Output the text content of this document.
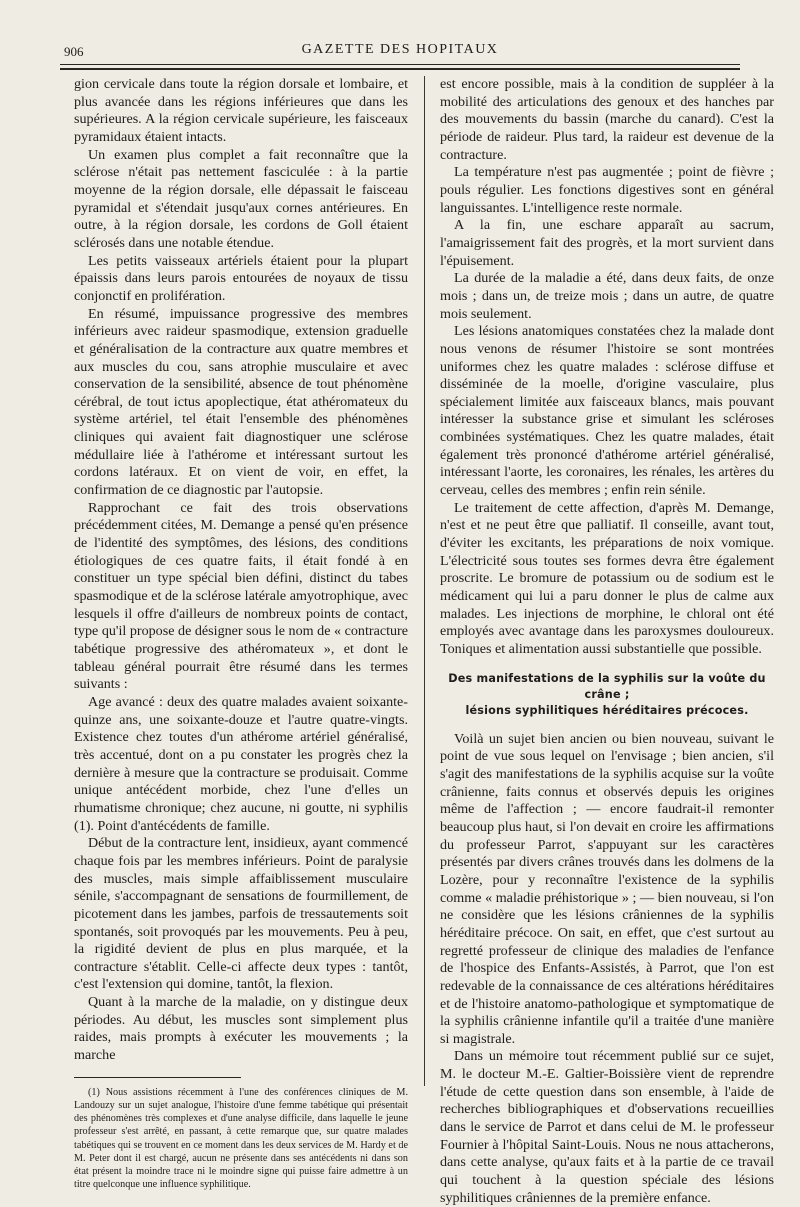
906	GAZETTE DES HOPITAUX

gion cervicale dans toute la région dorsale et lombaire, et plus avancée dans les régions inférieures que dans les supérieures. A la région cervicale supérieure, les faisceaux pyramidaux étaient intacts.

Un examen plus complet a fait reconnaître que la sclérose n'était pas nettement fasciculée : à la partie moyenne de la région dorsale, elle dépassait le faisceau pyramidal et s'étendait jusqu'aux cornes antérieures. En outre, à la région dorsale, les cordons de Goll étaient sclérosés dans une notable étendue.

Les petits vaisseaux artériels étaient pour la plupart épaissis dans leurs parois entourées de noyaux de tissu conjonctif en prolifération.

En résumé, impuissance progressive des membres inférieurs avec raideur spasmodique, extension graduelle et généralisation de la contracture aux quatre membres et aux muscles du cou, sans atrophie musculaire et avec conservation de la sensibilité, absence de tout phénomène cérébral, de tout ictus apoplectique, état athéromateux du système artériel, tel était l'ensemble des phénomènes cliniques qui avaient fait diagnostiquer une sclérose médullaire liée à l'athérome et intéressant surtout les cordons latéraux. Et on vient de voir, en effet, la confirmation de ce diagnostic par l'autopsie.

Rapprochant ce fait des trois observations précédemment citées, M. Demange a pensé qu'en présence de l'identité des symptômes, des lésions, des conditions étiologiques de ces quatre faits, il était fondé à en constituer un type spécial bien défini, distinct du tabes spasmodique et de la sclérose latérale amyotrophique, avec lesquels il offre d'ailleurs de nombreux points de contact, type qu'il propose de désigner sous le nom de « contracture tabétique progressive des athéromateux », et dont le tableau général pourrait être résumé dans les termes suivants :

Age avancé : deux des quatre malades avaient soixante-quinze ans, une soixante-douze et l'autre quatre-vingts. Existence chez toutes d'un athérome artériel généralisé, très accentué, dont on a pu constater les progrès chez la dernière à mesure que la contracture se produisait. Comme unique antécédent morbide, chez l'une d'elles un rhumatisme chronique; chez aucune, ni goutte, ni syphilis (1). Point d'antécédents de famille.

Début de la contracture lent, insidieux, ayant commencé chaque fois par les membres inférieurs. Point de paralysie des muscles, mais simple affaiblissement musculaire sénile, s'accompagnant de sensations de fourmillement, de picotement dans les jambes, parfois de tressautements soit spontanés, soit provoqués par les mouvements. Peu à peu, la rigidité devient de plus en plus marquée, et la contracture s'établit. Celle-ci affecte deux types : tantôt, c'est l'extension qui domine, tantôt, la flexion.

Quant à la marche de la maladie, on y distingue deux périodes. Au début, les muscles sont simplement plus raides, mais prompts à exécuter les mouvements ; la marche

(1) Nous assistions récemment à l'une des conférences cliniques de M. Landouzy sur un sujet analogue, l'histoire d'une femme tabétique qui présentait des phénomènes très complexes et d'une analyse difficile, dans laquelle le jeune professeur s'est arrêté, en passant, à cette remarque que, sur quatre malades tabétiques qui se trouvent en ce moment dans les deux services de M. Hardy et de M. Peter dont il est chargé, aucun ne présente dans ses antécédents ni dans son état présent la moindre trace ni le moindre signe qui puisse faire admettre à un titre quelconque une influence syphilitique.

est encore possible, mais à la condition de suppléer à la mobilité des articulations des genoux et des hanches par des mouvements du bassin (marche du canard). C'est la période de raideur. Plus tard, la raideur est devenue de la contracture.

La température n'est pas augmentée ; point de fièvre ; pouls régulier. Les fonctions digestives sont en général languissantes. L'intelligence reste normale.

A la fin, une eschare apparaît au sacrum, l'amaigrissement fait des progrès, et la mort survient dans l'épuisement.

La durée de la maladie a été, dans deux faits, de onze mois ; dans un, de treize mois ; dans un autre, de quatre mois seulement.

Les lésions anatomiques constatées chez la malade dont nous venons de résumer l'histoire se sont montrées uniformes chez les quatre malades : sclérose diffuse et disséminée de la moelle, d'origine vasculaire, plus spécialement limitée aux faisceaux blancs, mais pouvant intéresser la substance grise et simulant les scléroses combinées systématiques. Chez les quatre malades, était également très prononcé d'athérome artériel généralisé, intéressant l'aorte, les coronaires, les rénales, les artères du cerveau, celles des membres ; enfin rein sénile.

Le traitement de cette affection, d'après M. Demange, n'est et ne peut être que palliatif. Il conseille, avant tout, d'éviter les excitants, les préparations de noix vomique. L'électricité sous toutes ses formes devra être également proscrite. Le bromure de potassium ou de sodium est le médicament qui lui a paru donner le plus de calme aux malades. Les injections de morphine, le chloral ont été employés avec avantage dans les paroxysmes douloureux. Toniques et alimentation aussi substantielle que possible.

Des manifestations de la syphilis sur la voûte du crâne ;
lésions syphilitiques héréditaires précoces.

Voilà un sujet bien ancien ou bien nouveau, suivant le point de vue sous lequel on l'envisage ; bien ancien, s'il s'agit des manifestations de la syphilis acquise sur la voûte crânienne, faits connus et observés depuis les origines même de l'affection ; — encore faudrait-il remonter beaucoup plus haut, si l'on devait en croire les affirmations du professeur Parrot, s'appuyant sur les caractères présentés par divers crânes trouvés dans les dolmens de la Lozère, pour y reconnaître l'existence de la syphilis comme « maladie préhistorique » ; — bien nouveau, si l'on ne considère que les lésions crâniennes de la syphilis héréditaire précoce. On sait, en effet, que c'est surtout au regretté professeur de clinique des maladies de l'enfance de l'hospice des Enfants-Assistés, à Parrot, que l'on est redevable de la connaissance de ces altérations héréditaires et de l'histoire anatomo-pathologique et symptomatique de la syphilis crânienne infantile qu'il a traitée d'une manière si magistrale.

Dans un mémoire tout récemment publié sur ce sujet, M. le docteur M.-E. Galtier-Boissière vient de reprendre l'étude de cette question dans son ensemble, à l'aide de recherches bibliographiques et d'observations recueillies dans le service de Parrot et dans celui de M. le professeur Fournier à l'hôpital Saint-Louis. Nous ne nous attacherons, dans cette analyse, qu'aux faits et à la partie de ce travail qui touchent à la question spéciale des lésions syphilitiques crâniennes de la première enfance.
